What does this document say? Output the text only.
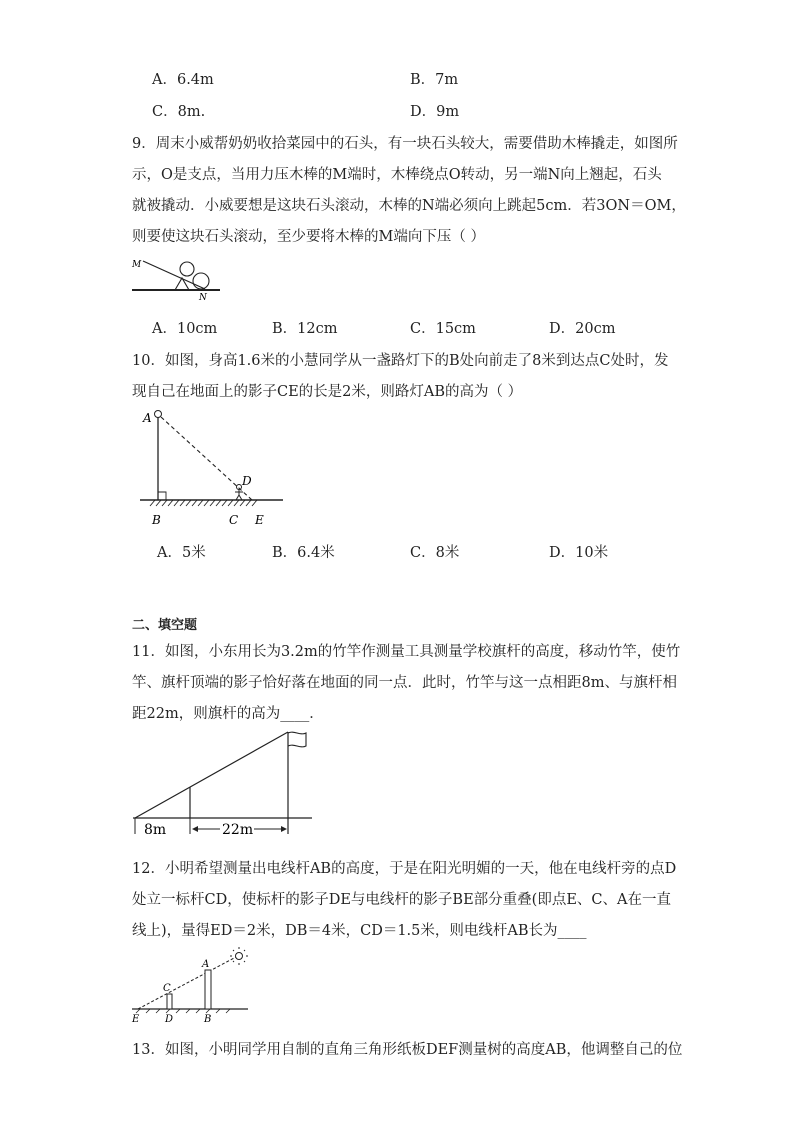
A．6.4m	B．7m
C．8m.	D．9m
9．周末小威帮奶奶收拾菜园中的石头，有一块石头较大，需要借助木棒撬走，如图所
示，O是支点，当用力压木棒的M端时，木棒绕点O转动，另一端N向上翘起，石头
就被撬动．小威要想是这块石头滚动，木棒的N端必须向上跳起5cm．若3ON＝OM，
则要使这块石头滚动，至少要将木棒的M端向下压（ ）
M
N
A．10cm	B．12cm	C．15cm	D．20cm
10．如图，身高1.6米的小慧同学从一盏路灯下的B处向前走了8米到达点C处时，发
现自己在地面上的影子CE的长是2米，则路灯AB的高为（ ）
A
D
B	C E
A．5米	B．6.4米	C．8米	D．10米
二、填空题
11．如图，小东用长为3.2m的竹竿作测量工具测量学校旗杆的高度，移动竹竿，使竹
竿、旗杆顶端的影子恰好落在地面的同一点．此时，竹竿与这一点相距8m、与旗杆相
距22m，则旗杆的高为____．
8m	22m
12．小明希望测量出电线杆AB的高度，于是在阳光明媚的一天，他在电线杆旁的点D
处立一标杆CD，使标杆的影子DE与电线杆的影子BE部分重叠(即点E、C、A在一直
线上)，量得ED＝2米，DB＝4米，CD＝1.5米，则电线杆AB长为____
A
C
E	D	B
13．如图，小明同学用自制的直角三角形纸板DEF测量树的高度AB，他调整自己的位
